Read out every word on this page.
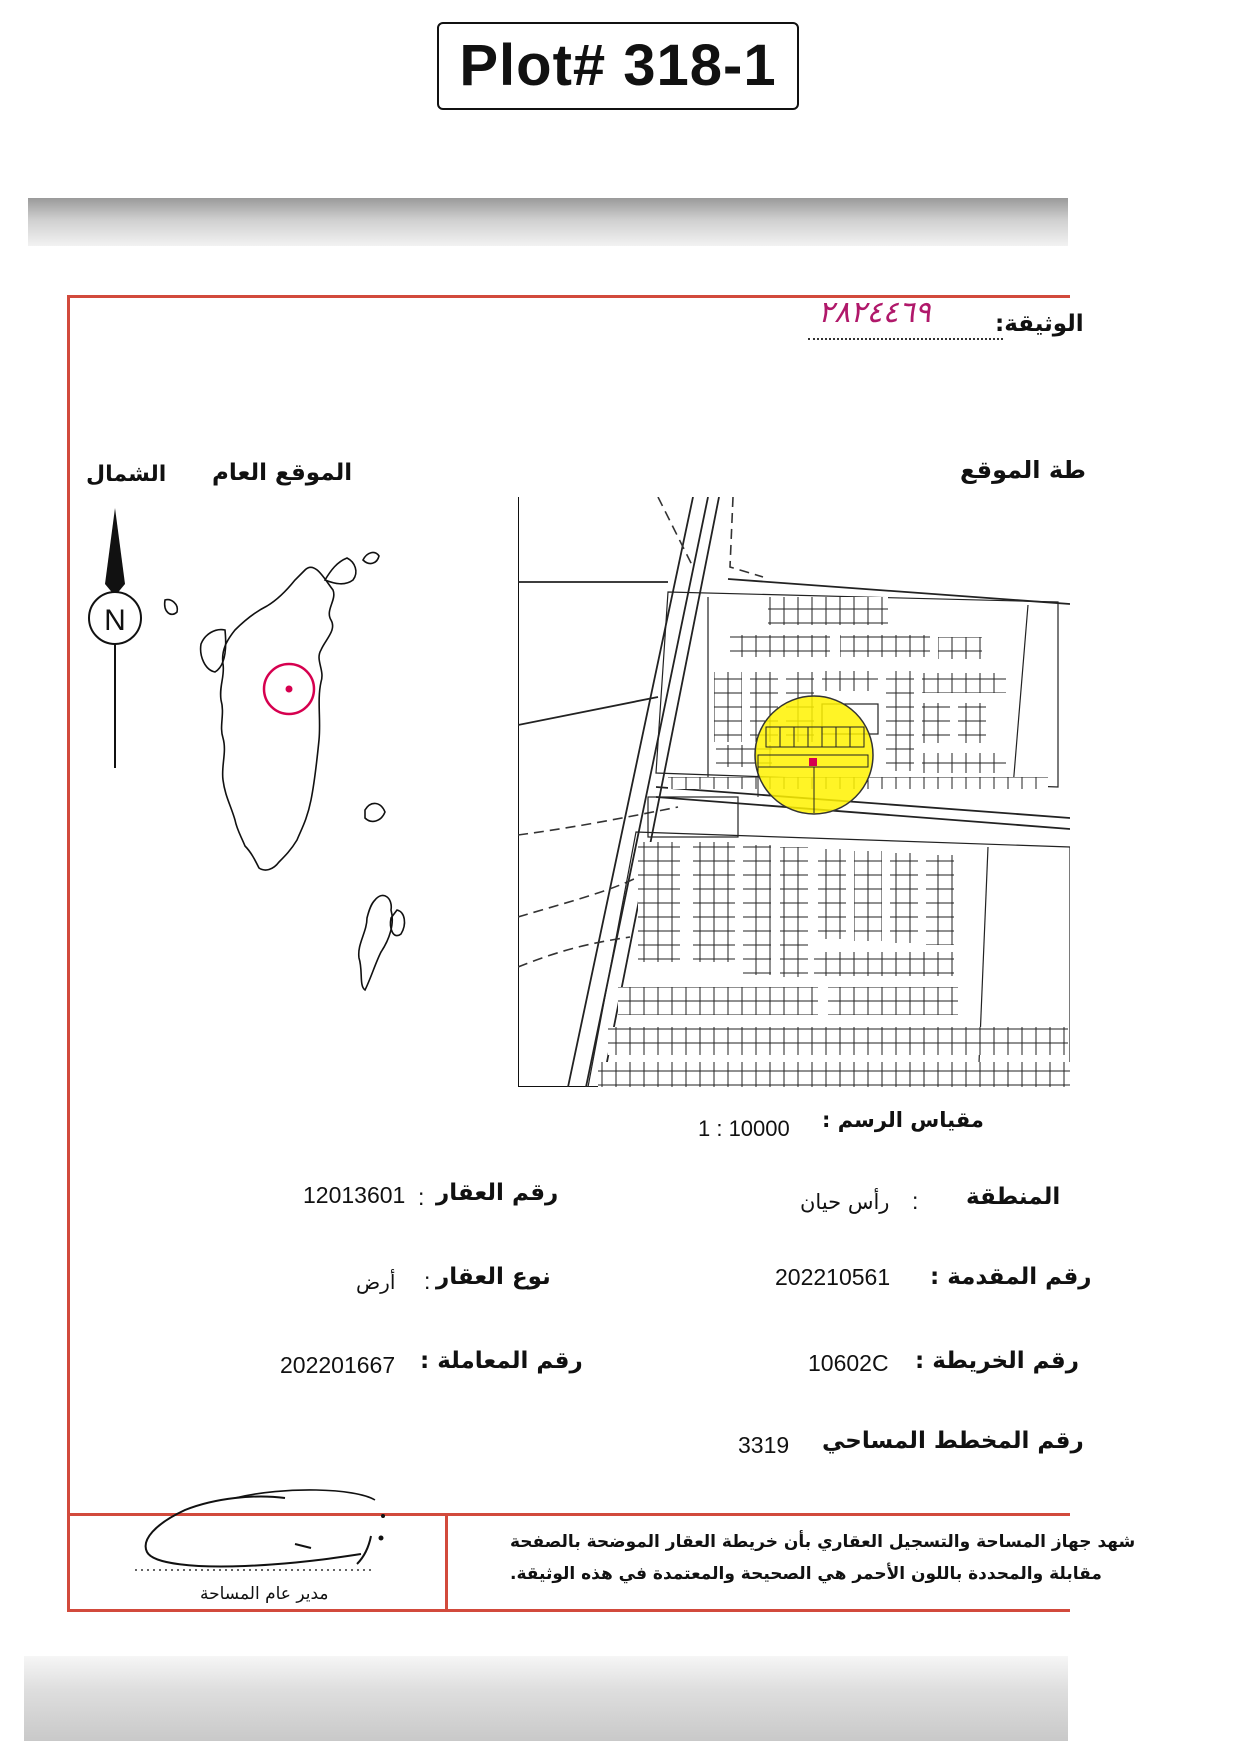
Plot# 318-1
الوثيقة:
٢٨٢٤٤٦٩
طة الموقع
الموقع العام
الشمال
N
مقياس الرسم :
1 : 10000
المنطقة
:
رأس حيان
رقم العقار
:
12013601
رقم المقدمة :
202210561
نوع العقار
:
أرض
رقم الخريطة :
10602C
رقم المعاملة :
202201667
رقم المخطط المساحي
3319
شهد جهاز المساحة والتسجيل العقاري بأن خريطة العقار الموضحة بالصفحة
مقابلة والمحددة باللون الأحمر هي الصحيحة والمعتمدة في هذه الوثيقة.
مدير عام المساحة
